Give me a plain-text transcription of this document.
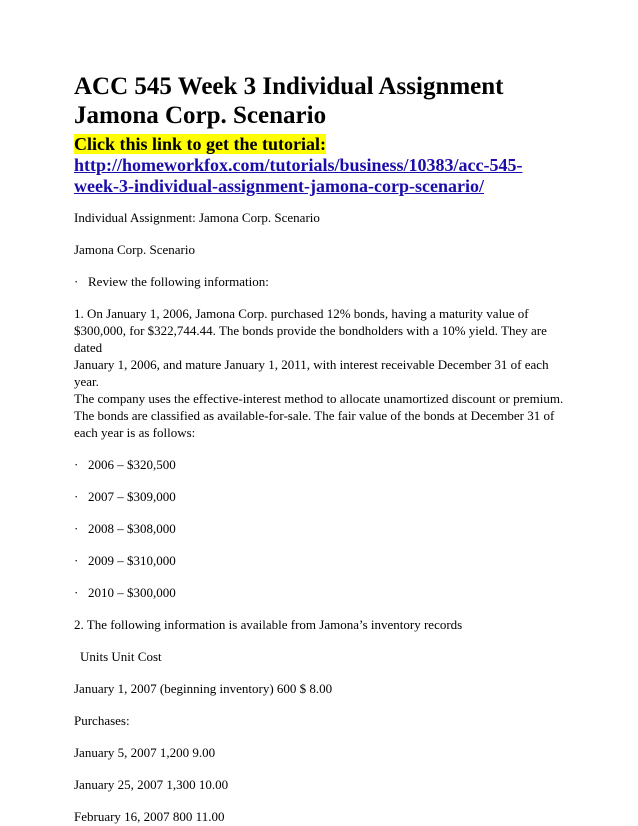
ACC 545 Week 3 Individual Assignment
Jamona Corp. Scenario
Click this link to get the tutorial:
http://homeworkfox.com/tutorials/business/10383/acc-545-
week-3-individual-assignment-jamona-corp-scenario/

Individual Assignment: Jamona Corp. Scenario

Jamona Corp. Scenario

· Review the following information:

1. On January 1, 2006, Jamona Corp. purchased 12% bonds, having a maturity value of
$300,000, for $322,744.44. The bonds provide the bondholders with a 10% yield. They are dated
January 1, 2006, and mature January 1, 2011, with interest receivable December 31 of each year.
The company uses the effective-interest method to allocate unamortized discount or premium.
The bonds are classified as available-for-sale. The fair value of the bonds at December 31 of
each year is as follows:

· 2006 – $320,500

· 2007 – $309,000

· 2008 – $308,000

· 2009 – $310,000

· 2010 – $300,000

2. The following information is available from Jamona’s inventory records

Units Unit Cost

January 1, 2007 (beginning inventory) 600 $ 8.00

Purchases:

January 5, 2007 1,200 9.00

January 25, 2007 1,300 10.00

February 16, 2007 800 11.00
